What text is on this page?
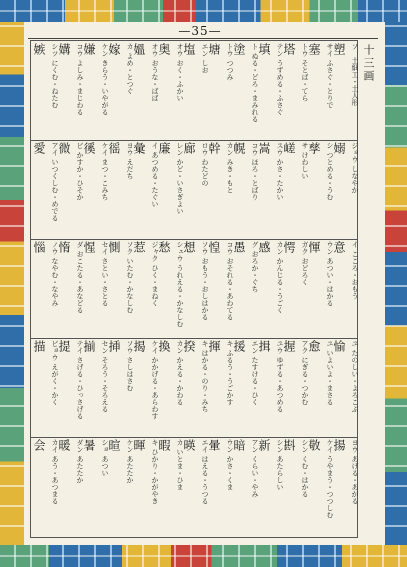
—35—
十三画
塑 ソ　土細工・土人形
塞 サイ ふさぐ・とりで
塔 トウ そとば・てら
填 テン うずめる・ふさぐ
塗 ト ぬる・どろ・まみれる
塘 トウ つつみ
塩 エン しお
奥 オウ おく・ふかい
媼 オウ おうな・ばば
嫁 カ よめ・とつぐ
嫌 ケン きらう・いやがる
媾 コウ よしみ・まじわる
嫉 シツ にくむ・ねたむ
嫋 ジョウ しなやか
孳 シ つとめる・うむ
嵯 サ けわしい
嵩 スウ かさ・たかい
幌 コウ ほろ・とばり
幹 カン みき・もと
廊 ロウ わたどの
廉 レン かど・いさぎよい
彙 イ あつめる・たぐい
徭 ヨウ えだち
徯 ケイ まつ・こみち
微 ビ かすか・ひそか
愛 アイ いつくしむ・めでる
意 イ こころ・おもう
惲 ウン あつい・はかる
愕 ガク おどろく
感 カン かんじる・うごく
愚 グ おろか・ぐち
惶 コウ おそれる・あわてる
想 ソウ おもう・おしはかる
愁 シュウ うれえる・かなしむ
惹 ジャク ひく・まねく
惻 ソク いたむ・かなしむ
惺 セイ さとい・さとる
惰 ダ おこたる・あなどる
惱 ノウ なやむ・なやみ
愉 ユ たのしい・よろこぶ
愈 ユ いよいよ・まさる
握 アク にぎる・つかむ
揖 ユウ ゆずる・あつめる
援 エン たすける・ひく
揮 キ ふるう・うごかす
揆 キ はかる・のり・みち
換 カン かえる・かわる
揭 ケイ かかげる・あらわす
揷 ソウ さしはさむ
揃 セン そろう・そろえる
提 テイ さげる・ひっさげる
描 ビョウ えがく・かく
揚 ヨウ あげる・あがる
敬 ケイ うやまう・つつしむ
斟 シン くむ・はかる
新 シン あたらしい
暗 アン くらい・やみ
暈 ウン かさ・くま
暎 エイ はえる・うつる
暇 カ いとま・ひま
暉 キ ひかり・かがやき
暄 ケン あたたか
暑 ショ あつい
暖 ダン あたたか
会 カイ あう・あつまる
